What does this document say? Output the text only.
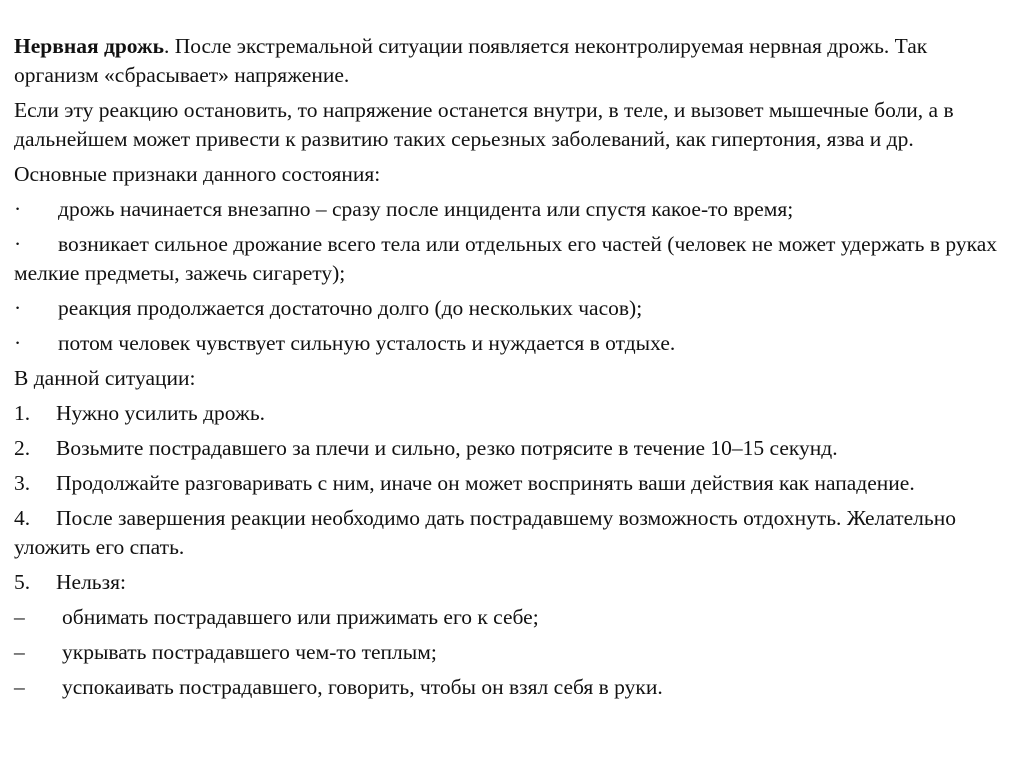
Нервная дрожь. После экстремальной ситуации появляется неконтролируемая нервная дрожь. Так организм «сбрасывает» напряжение.

Если эту реакцию остановить, то напряжение останется внутри, в теле, и вызовет мышечные боли, а в дальнейшем может привести к развитию таких серьезных заболеваний, как гипертония, язва и др.

Основные признаки данного состояния:

· дрожь начинается внезапно – сразу после инцидента или спустя какое-то время;
· возникает сильное дрожание всего тела или отдельных его частей (человек не может удержать в руках мелкие предметы, зажечь сигарету);
· реакция продолжается достаточно долго (до нескольких часов);
· потом человек чувствует сильную усталость и нуждается в отдыхе.

В данной ситуации:

1. Нужно усилить дрожь.
2. Возьмите пострадавшего за плечи и сильно, резко потрясите в течение 10–15 секунд.
3. Продолжайте разговаривать с ним, иначе он может воспринять ваши действия как нападение.
4. После завершения реакции необходимо дать пострадавшему возможность отдохнуть. Желательно уложить его спать.
5. Нельзя:
– обнимать пострадавшего или прижимать его к себе;
– укрывать пострадавшего чем-то теплым;
– успокаивать пострадавшего, говорить, чтобы он взял себя в руки.
